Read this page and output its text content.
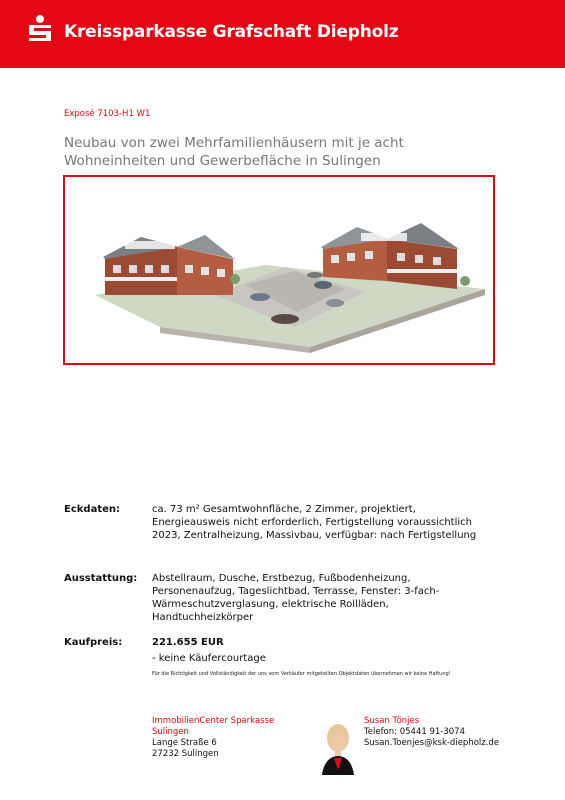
Kreissparkasse Grafschaft Diepholz
Exposé 7103-H1 W1
Neubau von zwei Mehrfamilienhäusern mit je acht Wohneinheiten und Gewerbefläche in Sulingen
Eckdaten:	ca. 73 m² Gesamtwohnfläche, 2 Zimmer, projektiert, Energieausweis nicht erforderlich, Fertigstellung voraussichtlich 2023, Zentralheizung, Massivbau, verfügbar: nach Fertigstellung
Ausstattung: Abstellraum, Dusche, Erstbezug, Fußbodenheizung, Personenaufzug, Tageslichtbad, Terrasse, Fenster: 3-fach-Wärmeschutzverglasung, elektrische Rollläden, Handtuchheizkörper
Kaufpreis:	221.655 EUR
- keine Käufercourtage
Für die Richtigkeit und Vollständigkeit der uns vom Verkäufer mitgeteilten Objektdaten übernehmen wir keine Haftung!
ImmobilienCenter Sparkasse
Sulingen
Lange Straße 6
27232 Sulingen
Susan Tönjes
Telefon: 05441 91-3074
Susan.Toenjes@ksk-diepholz.de
